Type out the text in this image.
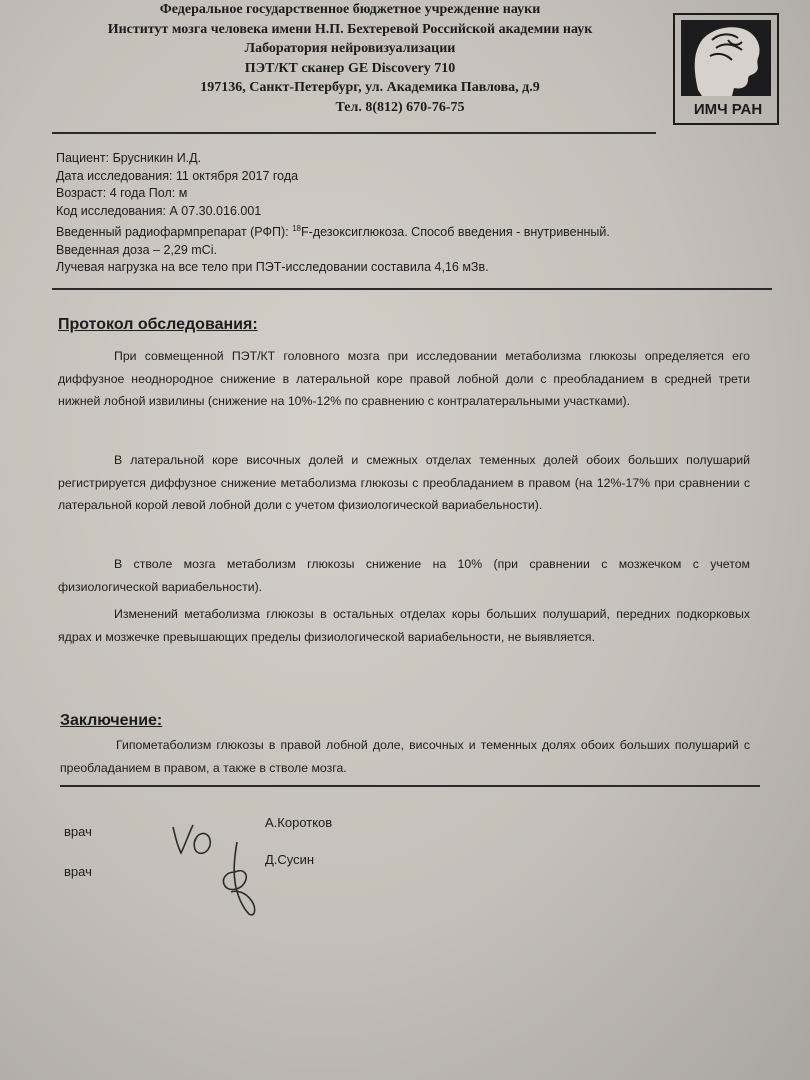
Федеральное государственное бюджетное учреждение науки
Институт мозга человека имени Н.П. Бехтеревой Российской академии наук
Лаборатория нейровизуализации
ПЭТ/КТ сканер GE Discovery 710
197136, Санкт-Петербург, ул. Академика Павлова, д.9
Тел. 8(812) 670-76-75	ИМЧ РАН
Пациент: Брусникин И.Д.
Дата исследования: 11 октября 2017 года
Возраст: 4 года Пол: м
Код исследования: А 07.30.016.001
Введенный радиофармпрепарат (РФП): $^{18}$F-дезоксиглюкоза. Способ введения - внутривенный.
Введенная доза – 2,29 mCi.
Лучевая нагрузка на все тело при ПЭТ-исследовании составила 4,16 мЗв.
Протокол обследования:
При совмещенной ПЭТ/КТ головного мозга при исследовании метаболизма глюкозы определяется его диффузное неоднородное снижение в латеральной коре правой лобной доли с преобладанием в средней трети нижней лобной извилины (снижение на 10%-12% по сравнению с контралатеральными участками).
В латеральной коре височных долей и смежных отделах теменных долей обоих больших полушарий регистрируется диффузное снижение метаболизма глюкозы с преобладанием в правом (на 12%-17% при сравнении с латеральной корой левой лобной доли с учетом физиологической вариабельности).
В стволе мозга метаболизм глюкозы снижение на 10% (при сравнении с мозжечком с учетом физиологической вариабельности).
Изменений метаболизма глюкозы в остальных отделах коры больших полушарий, передних подкорковых ядрах и мозжечке превышающих пределы физиологической вариабельности, не выявляется.
Заключение:
Гипометаболизм глюкозы в правой лобной доле, височных и теменных долях обоих больших полушарий с преобладанием в правом, а также в стволе мозга.
врач
А.Коротков
врач
Д.Сусин
